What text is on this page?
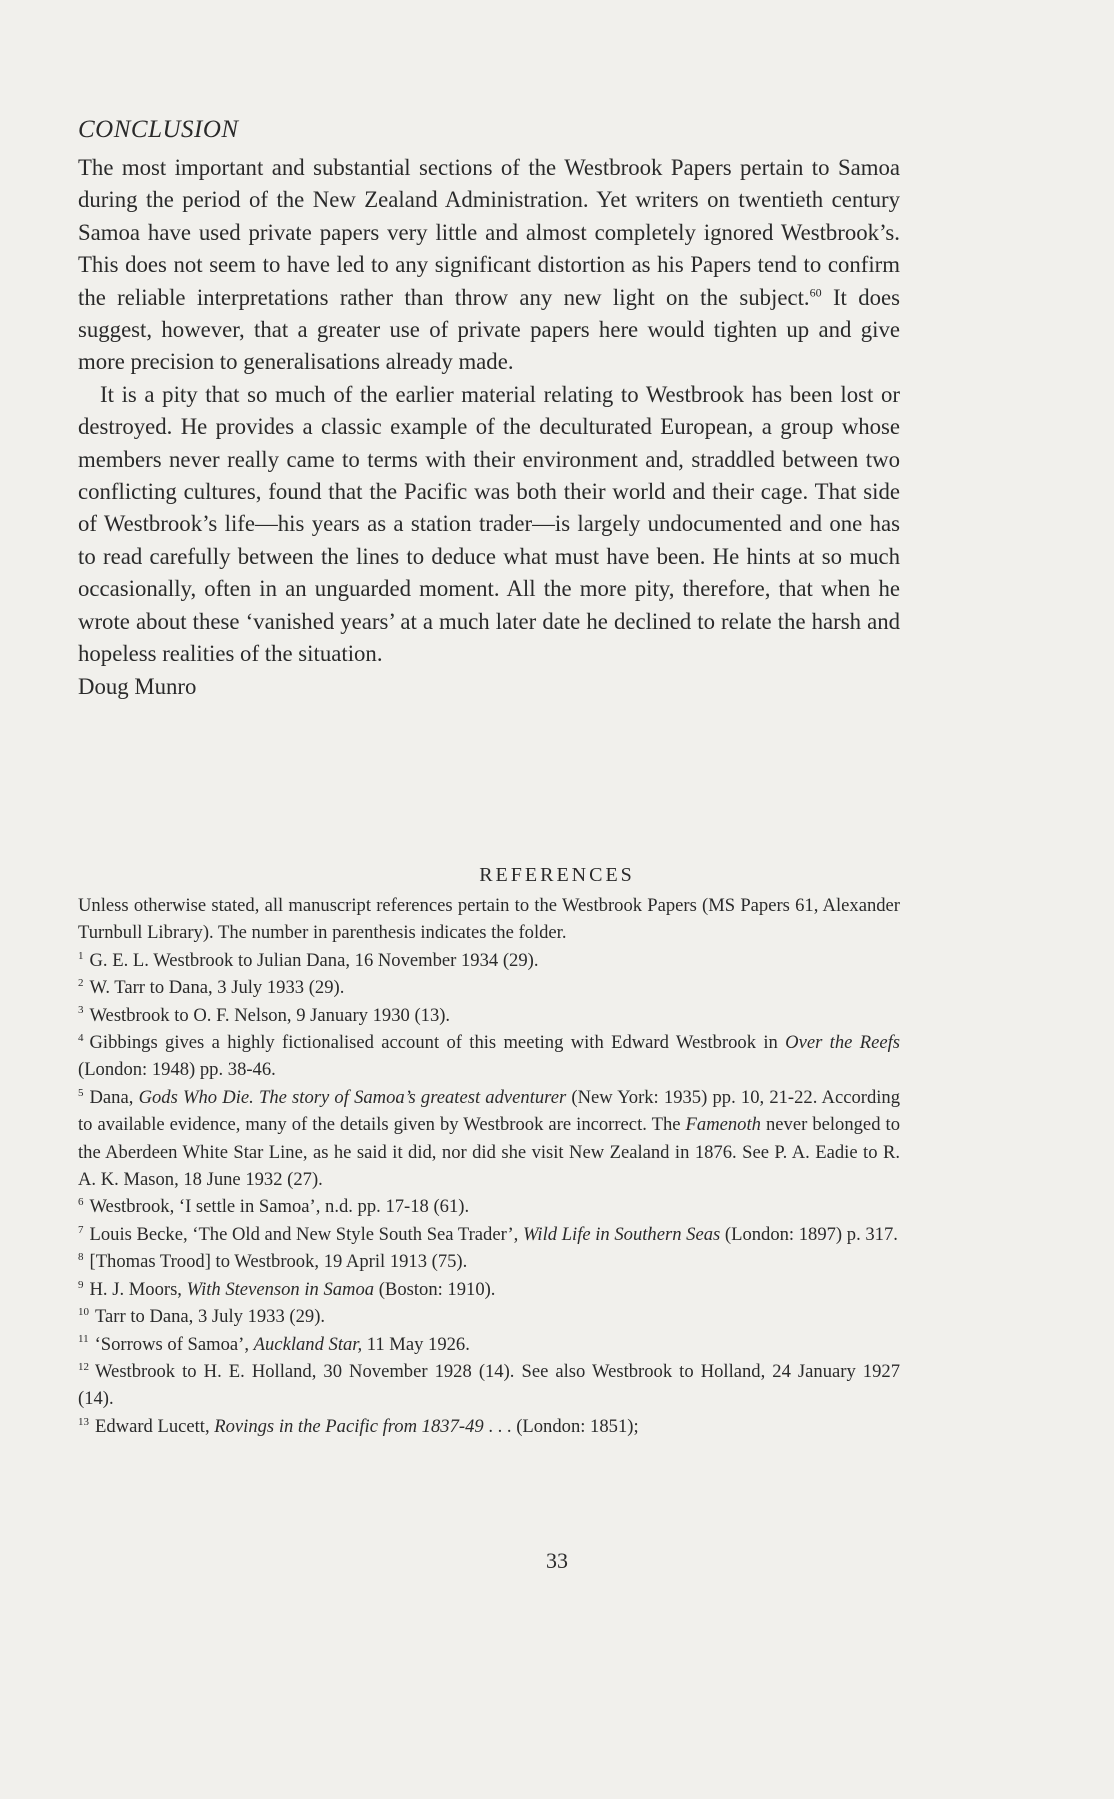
CONCLUSION

The most important and substantial sections of the Westbrook Papers pertain to Samoa during the period of the New Zealand Administration. Yet writers on twentieth century Samoa have used private papers very little and almost completely ignored Westbrook’s. This does not seem to have led to any significant distortion as his Papers tend to confirm the reliable interpretations rather than throw any new light on the subject.$^{60}$ It does suggest, however, that a greater use of private papers here would tighten up and give more precision to generalisations already made.

It is a pity that so much of the earlier material relating to Westbrook has been lost or destroyed. He provides a classic example of the deculturated European, a group whose members never really came to terms with their environment and, straddled between two conflicting cultures, found that the Pacific was both their world and their cage. That side of Westbrook’s life—his years as a station trader—is largely undocumented and one has to read carefully between the lines to deduce what must have been. He hints at so much occasionally, often in an unguarded moment. All the more pity, therefore, that when he wrote about these ‘vanished years’ at a much later date he declined to relate the harsh and hopeless realities of the situation.

Doug Munro

REFERENCES

Unless otherwise stated, all manuscript references pertain to the Westbrook Papers (MS Papers 61, Alexander Turnbull Library). The number in parenthesis indicates the folder.

$^1$ G. E. L. Westbrook to Julian Dana, 16 November 1934 (29).

$^2$ W. Tarr to Dana, 3 July 1933 (29).

$^3$ Westbrook to O. F. Nelson, 9 January 1930 (13).

$^4$ Gibbings gives a highly fictionalised account of this meeting with Edward Westbrook in Over the Reefs (London: 1948) pp. 38-46.

$^5$ Dana, Gods Who Die. The story of Samoa’s greatest adventurer (New York: 1935) pp. 10, 21-22. According to available evidence, many of the details given by Westbrook are incorrect. The Famenoth never belonged to the Aberdeen White Star Line, as he said it did, nor did she visit New Zealand in 1876. See P. A. Eadie to R. A. K. Mason, 18 June 1932 (27).

$^6$ Westbrook, ‘I settle in Samoa’, n.d. pp. 17-18 (61).

$^7$ Louis Becke, ‘The Old and New Style South Sea Trader’, Wild Life in Southern Seas (London: 1897) p. 317.

$^8$ [Thomas Trood] to Westbrook, 19 April 1913 (75).

$^9$ H. J. Moors, With Stevenson in Samoa (Boston: 1910).

$^{10}$ Tarr to Dana, 3 July 1933 (29).

$^{11}$ ‘Sorrows of Samoa’, Auckland Star, 11 May 1926.

$^{12}$ Westbrook to H. E. Holland, 30 November 1928 (14). See also Westbrook to Holland, 24 January 1927 (14).

$^{13}$ Edward Lucett, Rovings in the Pacific from 1837-49 . . . (London: 1851);

33
